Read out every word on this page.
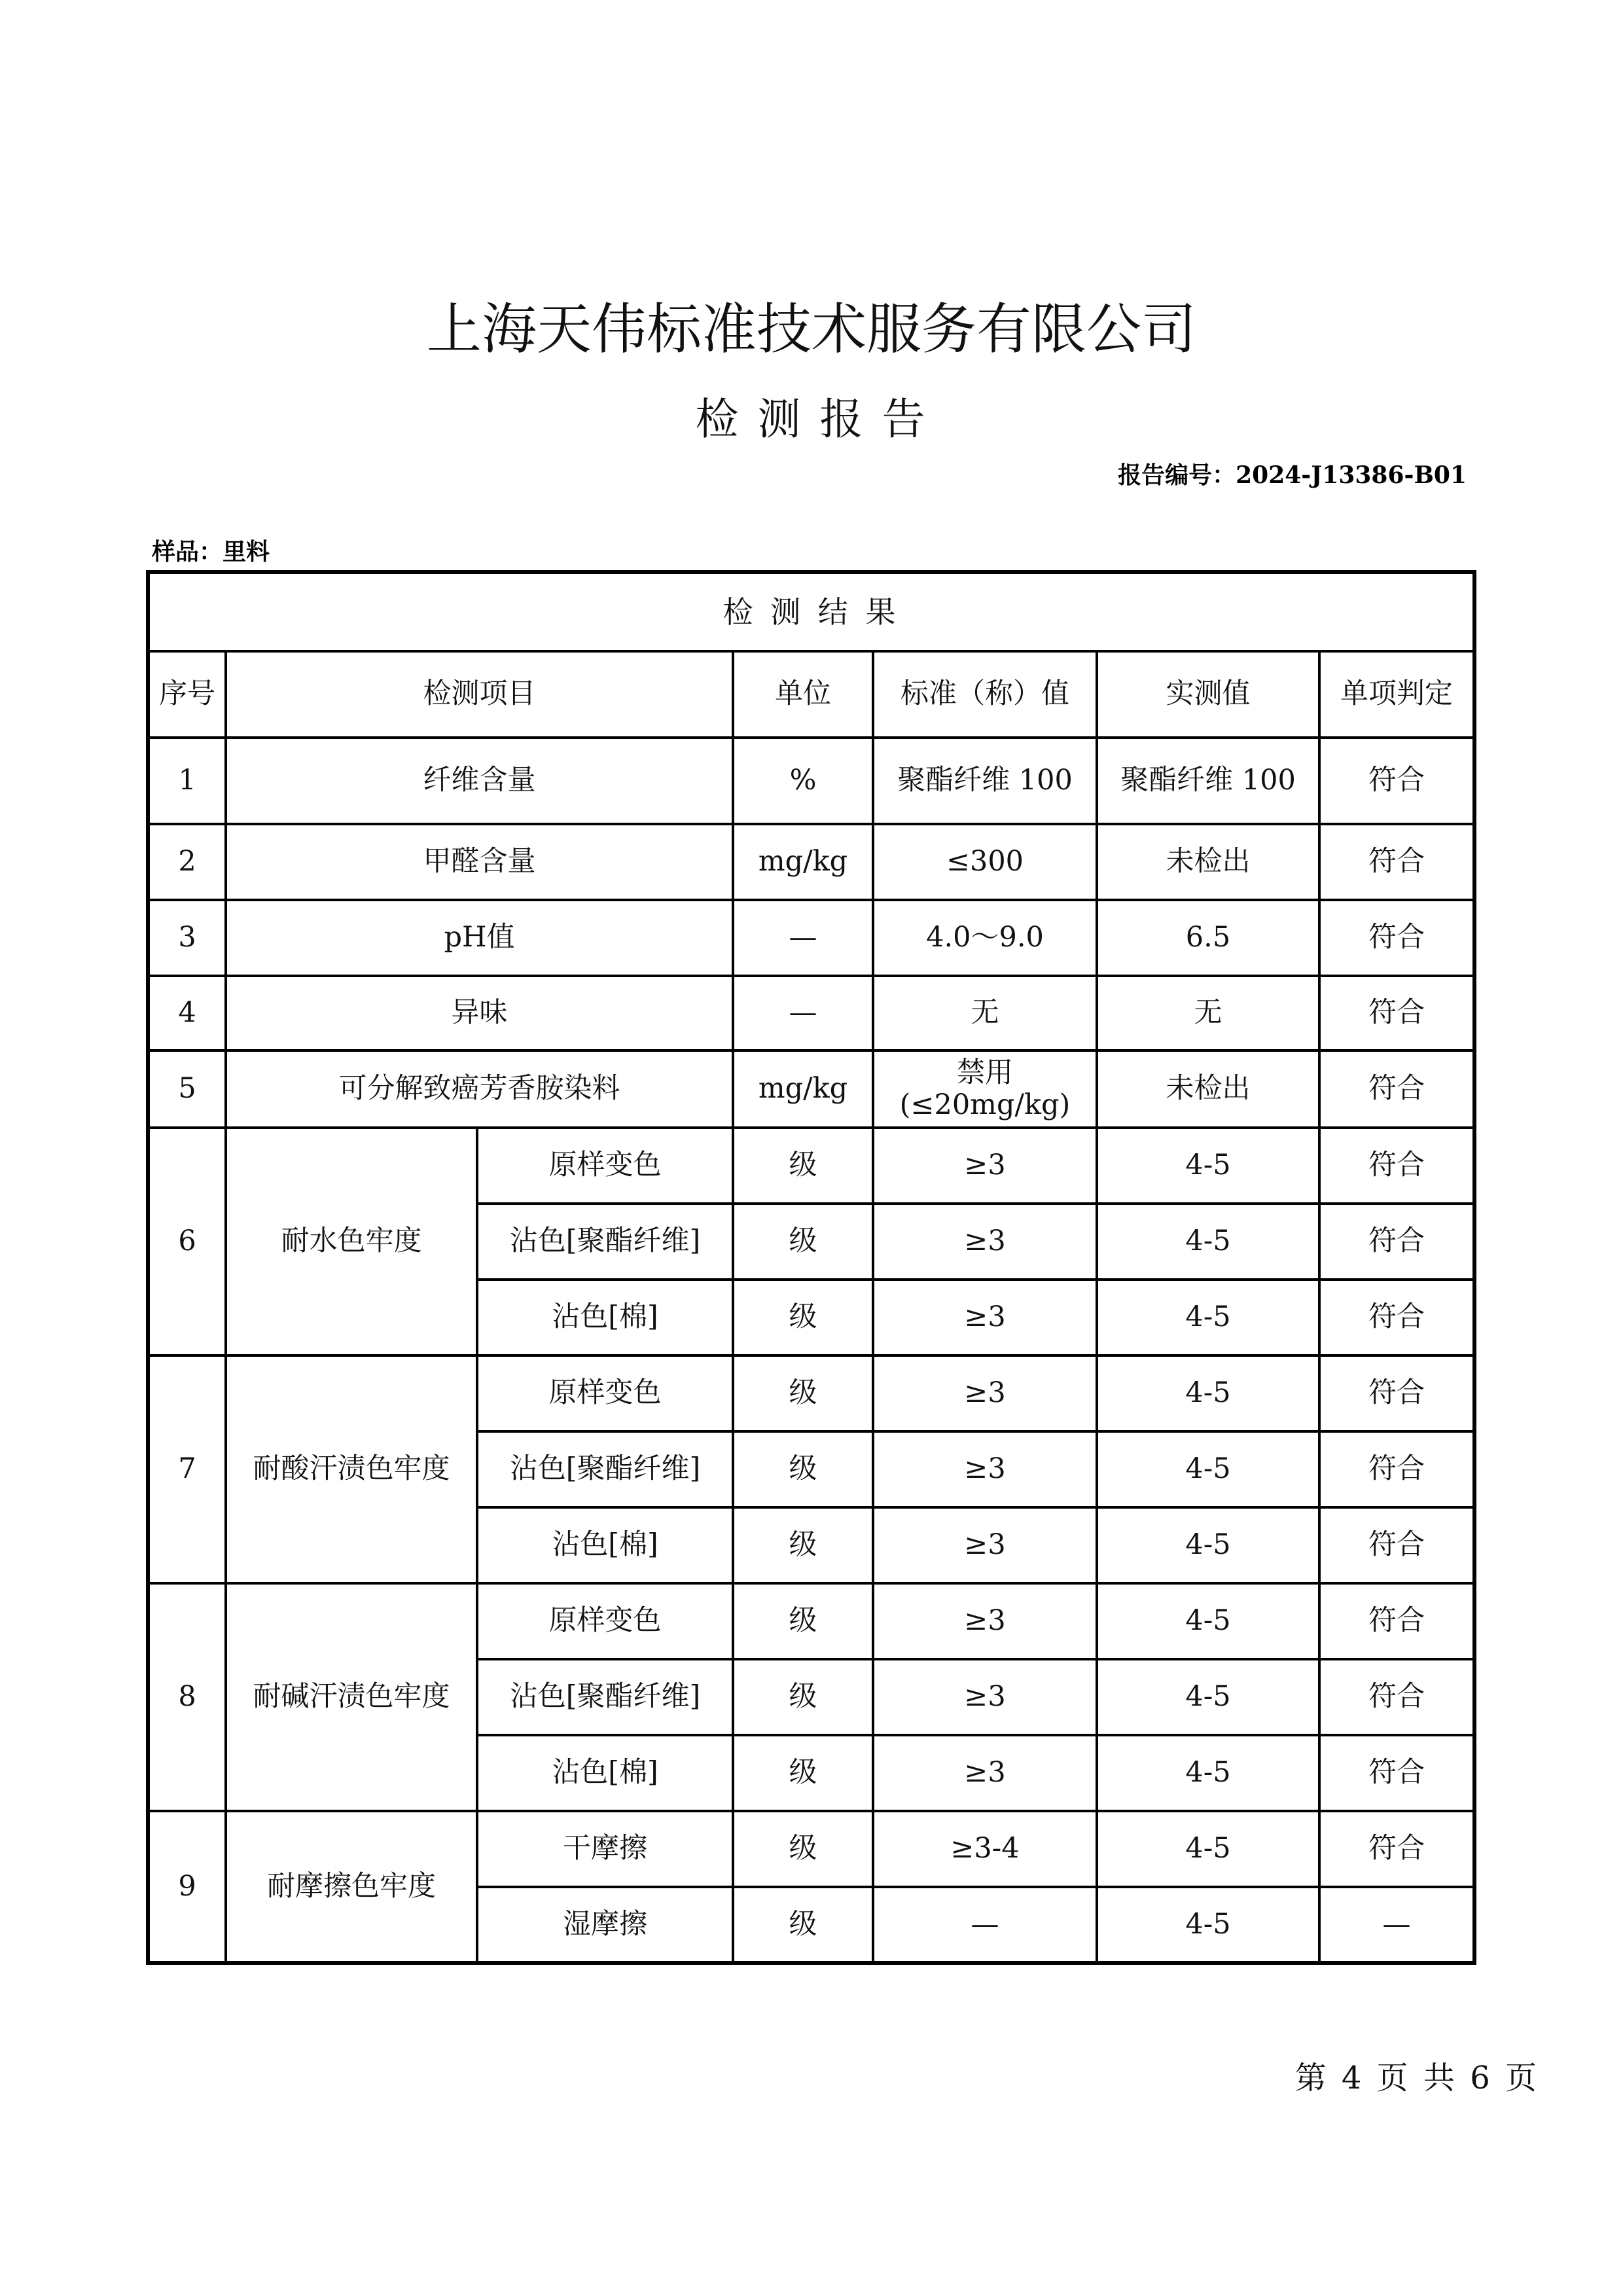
上海天伟标准技术服务有限公司
检 测 报 告
报告编号：2024-J13386-B01
样品：里料
检 测 结 果						
序号	检测项目		单位	标准（称）值	实测值	单项判定
1	纤维含量		%	聚酯纤维 100	聚酯纤维 100	符合
2	甲醛含量		mg/kg	≤300	未检出	符合
3	pH值		—	4.0～9.0	6.5	符合
4	异味		—	无	无	符合
5	可分解致癌芳香胺染料		mg/kg	禁用(≤20mg/kg)	未检出	符合
6	耐水色牢度	原样变色	级	≥3	4-5	符合
		沾色[聚酯纤维]	级	≥3	4-5	符合
		沾色[棉]	级	≥3	4-5	符合
7	耐酸汗渍色牢度	原样变色	级	≥3	4-5	符合
		沾色[聚酯纤维]	级	≥3	4-5	符合
		沾色[棉]	级	≥3	4-5	符合
8	耐碱汗渍色牢度	原样变色	级	≥3	4-5	符合
		沾色[聚酯纤维]	级	≥3	4-5	符合
		沾色[棉]	级	≥3	4-5	符合
9	耐摩擦色牢度	干摩擦	级	≥3-4	4-5	符合
		湿摩擦	级	—	4-5	—
第 4 页 共 6 页
